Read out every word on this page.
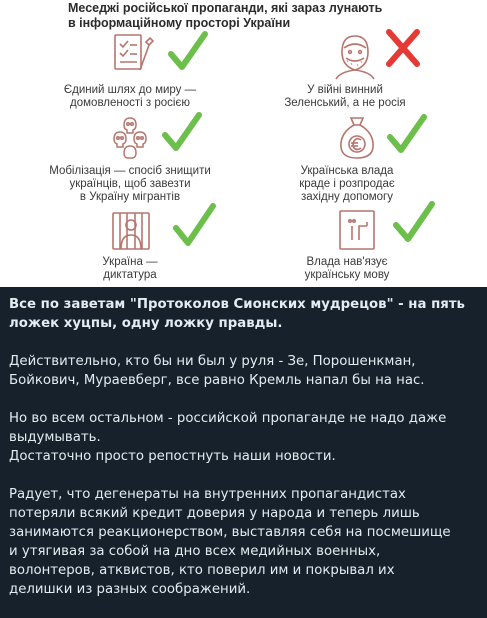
Меседжі російської пропаганди, які зараз лунають
в інформаційному просторі України
Єдиний шлях до миру —
домовленості з росією
У війні винний
Зеленський, а не росія
Мобілізація — спосіб знищити
українців, щоб завезти
в Україну мігрантів
Українська влада
краде і розпродає
західну допомогу
Україна —
диктатура
Влада нав'язує
українську мову

Все по заветам "Протоколов Сионских мудрецов" - на пять
ложек хуцпы, одну ложку правды.

Действительно, кто бы ни был у руля - Зе, Порошенкман,
Бойкович, Мураевберг, все равно Кремль напал бы на нас.

Но во всем остальном - российской пропаганде не надо даже
выдумывать.
Достаточно просто репостнуть наши новости.

Радует, что дегенераты на внутренних пропагандистах
потеряли всякий кредит доверия у народа и теперь лишь
занимаются реакционерством, выставляя себя на посмешище
и утягивая за собой на дно всех медийных военных,
волонтеров, атквистов, кто поверил им и покрывал их
делишки из разных соображений.
